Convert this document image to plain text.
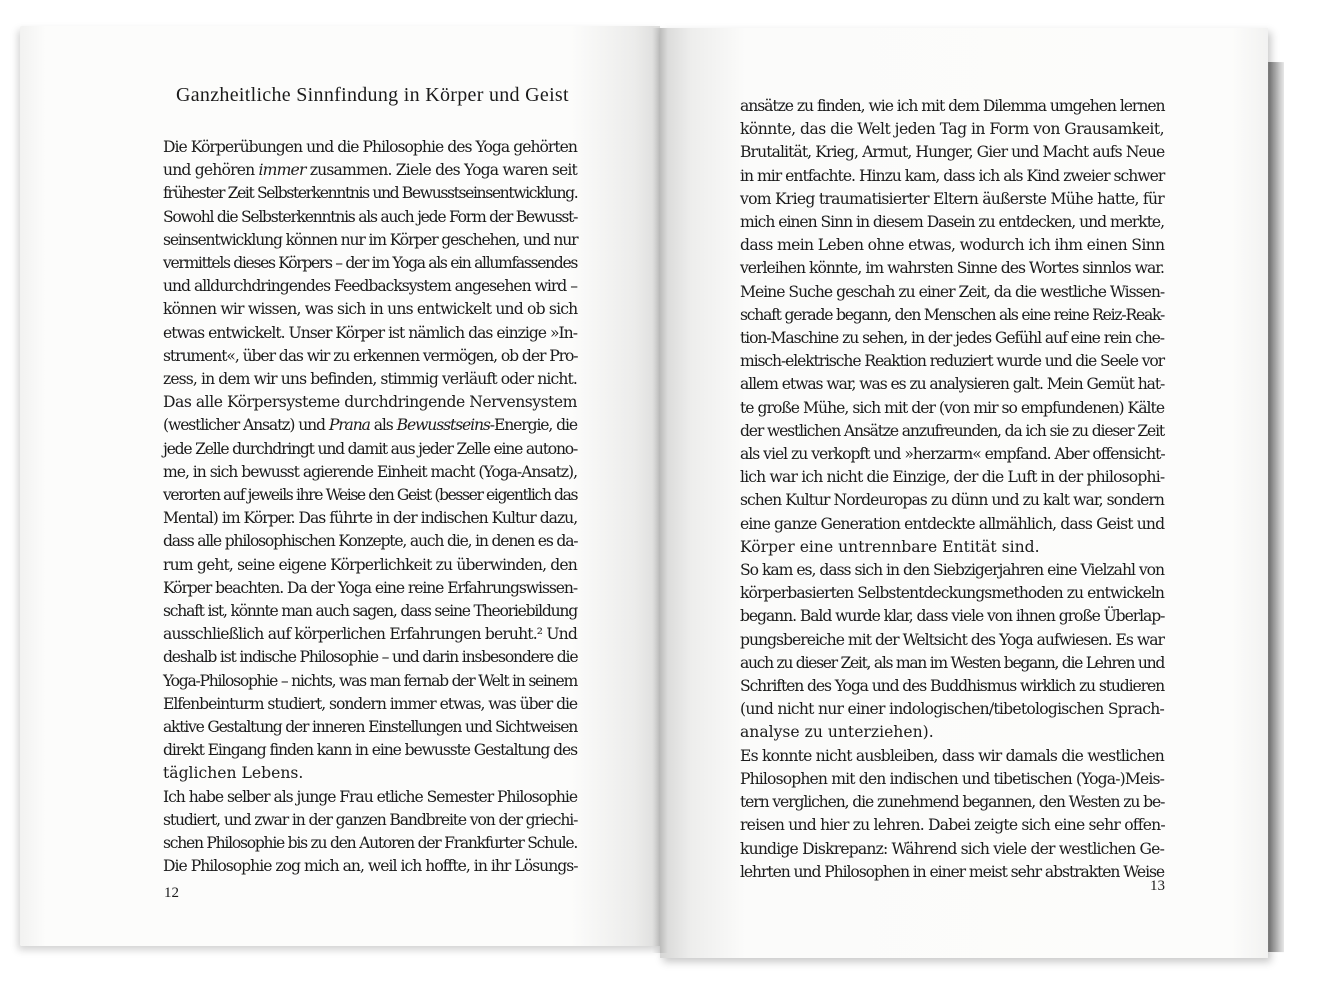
Ganzheitliche Sinnfindung in Körper und Geist
Die Körperübungen und die Philosophie des Yoga gehörten
und gehören immer zusammen. Ziele des Yoga waren seit
frühester Zeit Selbsterkenntnis und Bewusstseinsentwicklung.
Sowohl die Selbsterkenntnis als auch jede Form der Bewusst-
seinsentwicklung können nur im Körper geschehen, und nur
vermittels dieses Körpers – der im Yoga als ein allumfassendes
und alldurchdringendes Feedbacksystem angesehen wird –
können wir wissen, was sich in uns entwickelt und ob sich
etwas entwickelt. Unser Körper ist nämlich das einzige »In-
strument«, über das wir zu erkennen vermögen, ob der Pro-
zess, in dem wir uns befinden, stimmig verläuft oder nicht.
Das alle Körpersysteme durchdringende Nervensystem
(westlicher Ansatz) und Prana als Bewusstseins-Energie, die
jede Zelle durchdringt und damit aus jeder Zelle eine autono-
me, in sich bewusst agierende Einheit macht (Yoga-Ansatz),
verorten auf jeweils ihre Weise den Geist (besser eigentlich das
Mental) im Körper. Das führte in der indischen Kultur dazu,
dass alle philosophischen Konzepte, auch die, in denen es da-
rum geht, seine eigene Körperlichkeit zu überwinden, den
Körper beachten. Da der Yoga eine reine Erfahrungswissen-
schaft ist, könnte man auch sagen, dass seine Theoriebildung
ausschließlich auf körperlichen Erfahrungen beruht.² Und
deshalb ist indische Philosophie – und darin insbesondere die
Yoga-Philosophie – nichts, was man fernab der Welt in seinem
Elfenbeinturm studiert, sondern immer etwas, was über die
aktive Gestaltung der inneren Einstellungen und Sichtweisen
direkt Eingang finden kann in eine bewusste Gestaltung des
täglichen Lebens.
Ich habe selber als junge Frau etliche Semester Philosophie
studiert, und zwar in der ganzen Bandbreite von der griechi-
schen Philosophie bis zu den Autoren der Frankfurter Schule.
Die Philosophie zog mich an, weil ich hoffte, in ihr Lösungs-
ansätze zu finden, wie ich mit dem Dilemma umgehen lernen
könnte, das die Welt jeden Tag in Form von Grausamkeit,
Brutalität, Krieg, Armut, Hunger, Gier und Macht aufs Neue
in mir entfachte. Hinzu kam, dass ich als Kind zweier schwer
vom Krieg traumatisierter Eltern äußerste Mühe hatte, für
mich einen Sinn in diesem Dasein zu entdecken, und merkte,
dass mein Leben ohne etwas, wodurch ich ihm einen Sinn
verleihen könnte, im wahrsten Sinne des Wortes sinnlos war.
Meine Suche geschah zu einer Zeit, da die westliche Wissen-
schaft gerade begann, den Menschen als eine reine Reiz-Reak-
tion-Maschine zu sehen, in der jedes Gefühl auf eine rein che-
misch-elektrische Reaktion reduziert wurde und die Seele vor
allem etwas war, was es zu analysieren galt. Mein Gemüt hat-
te große Mühe, sich mit der (von mir so empfundenen) Kälte
der westlichen Ansätze anzufreunden, da ich sie zu dieser Zeit
als viel zu verkopft und »herzarm« empfand. Aber offensicht-
lich war ich nicht die Einzige, der die Luft in der philosophi-
schen Kultur Nordeuropas zu dünn und zu kalt war, sondern
eine ganze Generation entdeckte allmählich, dass Geist und
Körper eine untrennbare Entität sind.
So kam es, dass sich in den Siebzigerjahren eine Vielzahl von
körperbasierten Selbstentdeckungsmethoden zu entwickeln
begann. Bald wurde klar, dass viele von ihnen große Überlap-
pungsbereiche mit der Weltsicht des Yoga aufwiesen. Es war
auch zu dieser Zeit, als man im Westen begann, die Lehren und
Schriften des Yoga und des Buddhismus wirklich zu studieren
(und nicht nur einer indologischen/tibetologischen Sprach-
analyse zu unterziehen).
Es konnte nicht ausbleiben, dass wir damals die westlichen
Philosophen mit den indischen und tibetischen (Yoga-)Meis-
tern verglichen, die zunehmend begannen, den Westen zu be-
reisen und hier zu lehren. Dabei zeigte sich eine sehr offen-
kundige Diskrepanz: Während sich viele der westlichen Ge-
lehrten und Philosophen in einer meist sehr abstrakten Weise
12	13
